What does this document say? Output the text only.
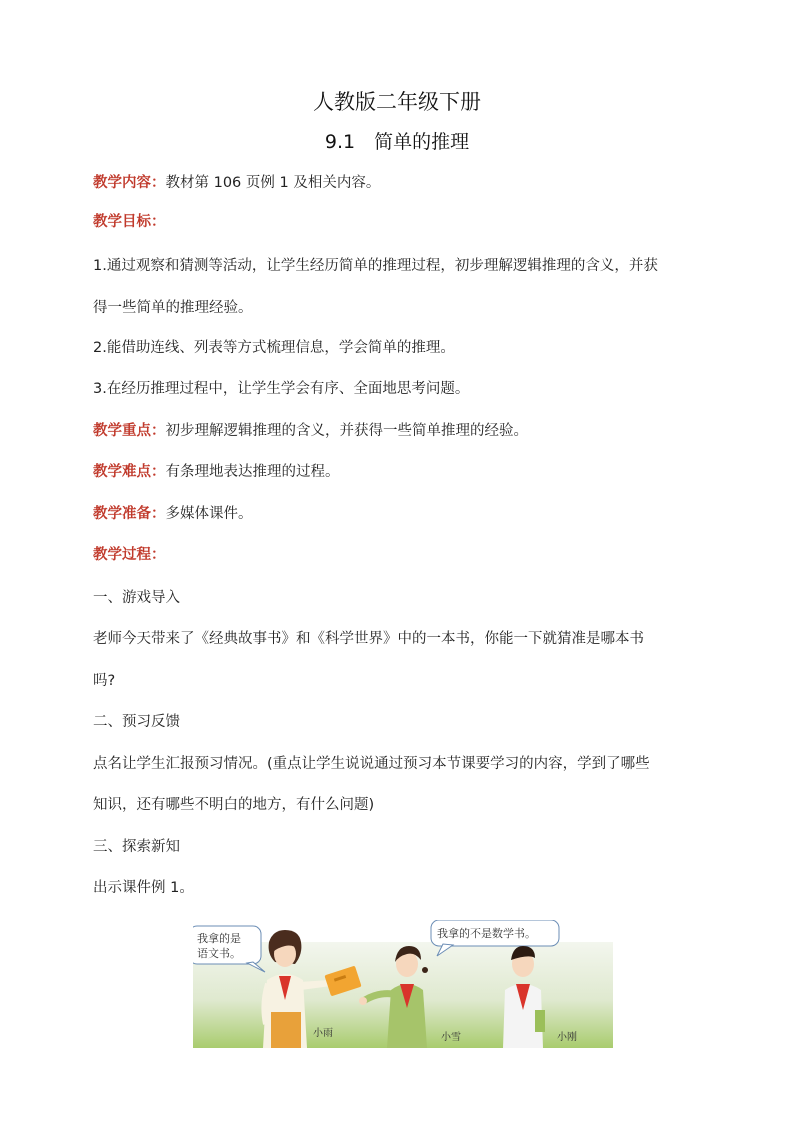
人教版二年级下册
9.1　简单的推理
教学内容：教材第 106 页例 1 及相关内容。
教学目标：
1.通过观察和猜测等活动，让学生经历简单的推理过程，初步理解逻辑推理的含义，并获
得一些简单的推理经验。
2.能借助连线、列表等方式梳理信息，学会简单的推理。
3.在经历推理过程中，让学生学会有序、全面地思考问题。
教学重点：初步理解逻辑推理的含义，并获得一些简单推理的经验。
教学难点：有条理地表达推理的过程。
教学准备：多媒体课件。
教学过程：
一、游戏导入
老师今天带来了《经典故事书》和《科学世界》中的一本书，你能一下就猜准是哪本书
吗?
二、预习反馈
点名让学生汇报预习情况。(重点让学生说说通过预习本节课要学习的内容，学到了哪些
知识，还有哪些不明白的地方，有什么问题)
三、探索新知
出示课件例 1。
我拿的是
语文书。
我拿的不是数学书。
小雨	小雪	小刚
